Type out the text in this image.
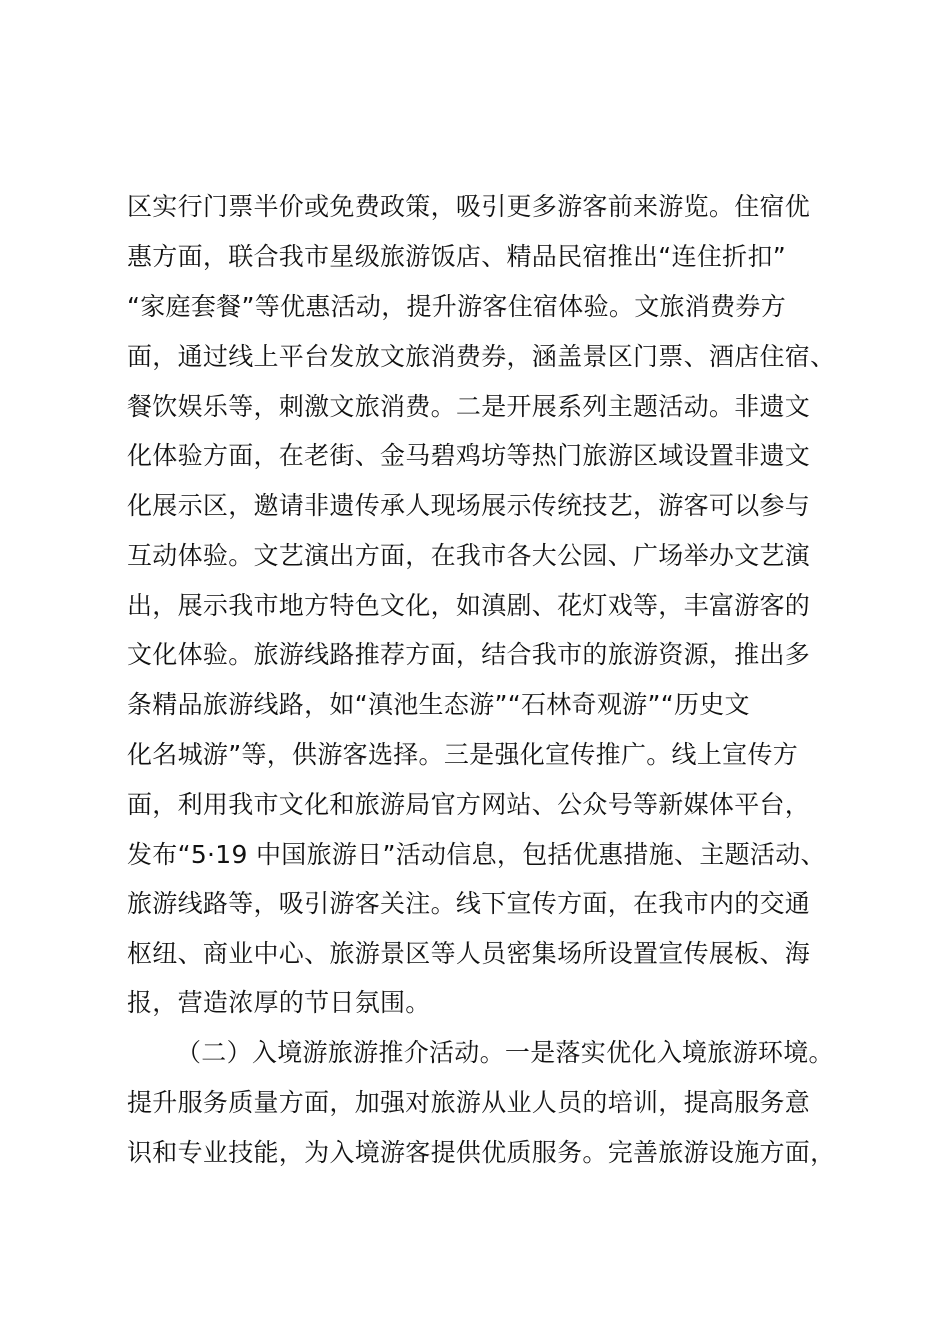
区实行门票半价或免费政策，吸引更多游客前来游览。住宿优
惠方面，联合我市星级旅游饭店、精品民宿推出“连住折扣”
“家庭套餐”等优惠活动，提升游客住宿体验。文旅消费券方
面，通过线上平台发放文旅消费券，涵盖景区门票、酒店住宿、
餐饮娱乐等，刺激文旅消费。二是开展系列主题活动。非遗文
化体验方面，在老街、金马碧鸡坊等热门旅游区域设置非遗文
化展示区，邀请非遗传承人现场展示传统技艺，游客可以参与
互动体验。文艺演出方面，在我市各大公园、广场举办文艺演
出，展示我市地方特色文化，如滇剧、花灯戏等，丰富游客的
文化体验。旅游线路推荐方面，结合我市的旅游资源，推出多
条精品旅游线路，如“滇池生态游”“石林奇观游”“历史文
化名城游”等，供游客选择。三是强化宣传推广。线上宣传方
面，利用我市文化和旅游局官方网站、公众号等新媒体平台，
发布“5·19 中国旅游日”活动信息，包括优惠措施、主题活动、
旅游线路等，吸引游客关注。线下宣传方面，在我市内的交通
枢纽、商业中心、旅游景区等人员密集场所设置宣传展板、海
报，营造浓厚的节日氛围。
（二）入境游旅游推介活动。一是落实优化入境旅游环境。
提升服务质量方面，加强对旅游从业人员的培训，提高服务意
识和专业技能，为入境游客提供优质服务。完善旅游设施方面，
